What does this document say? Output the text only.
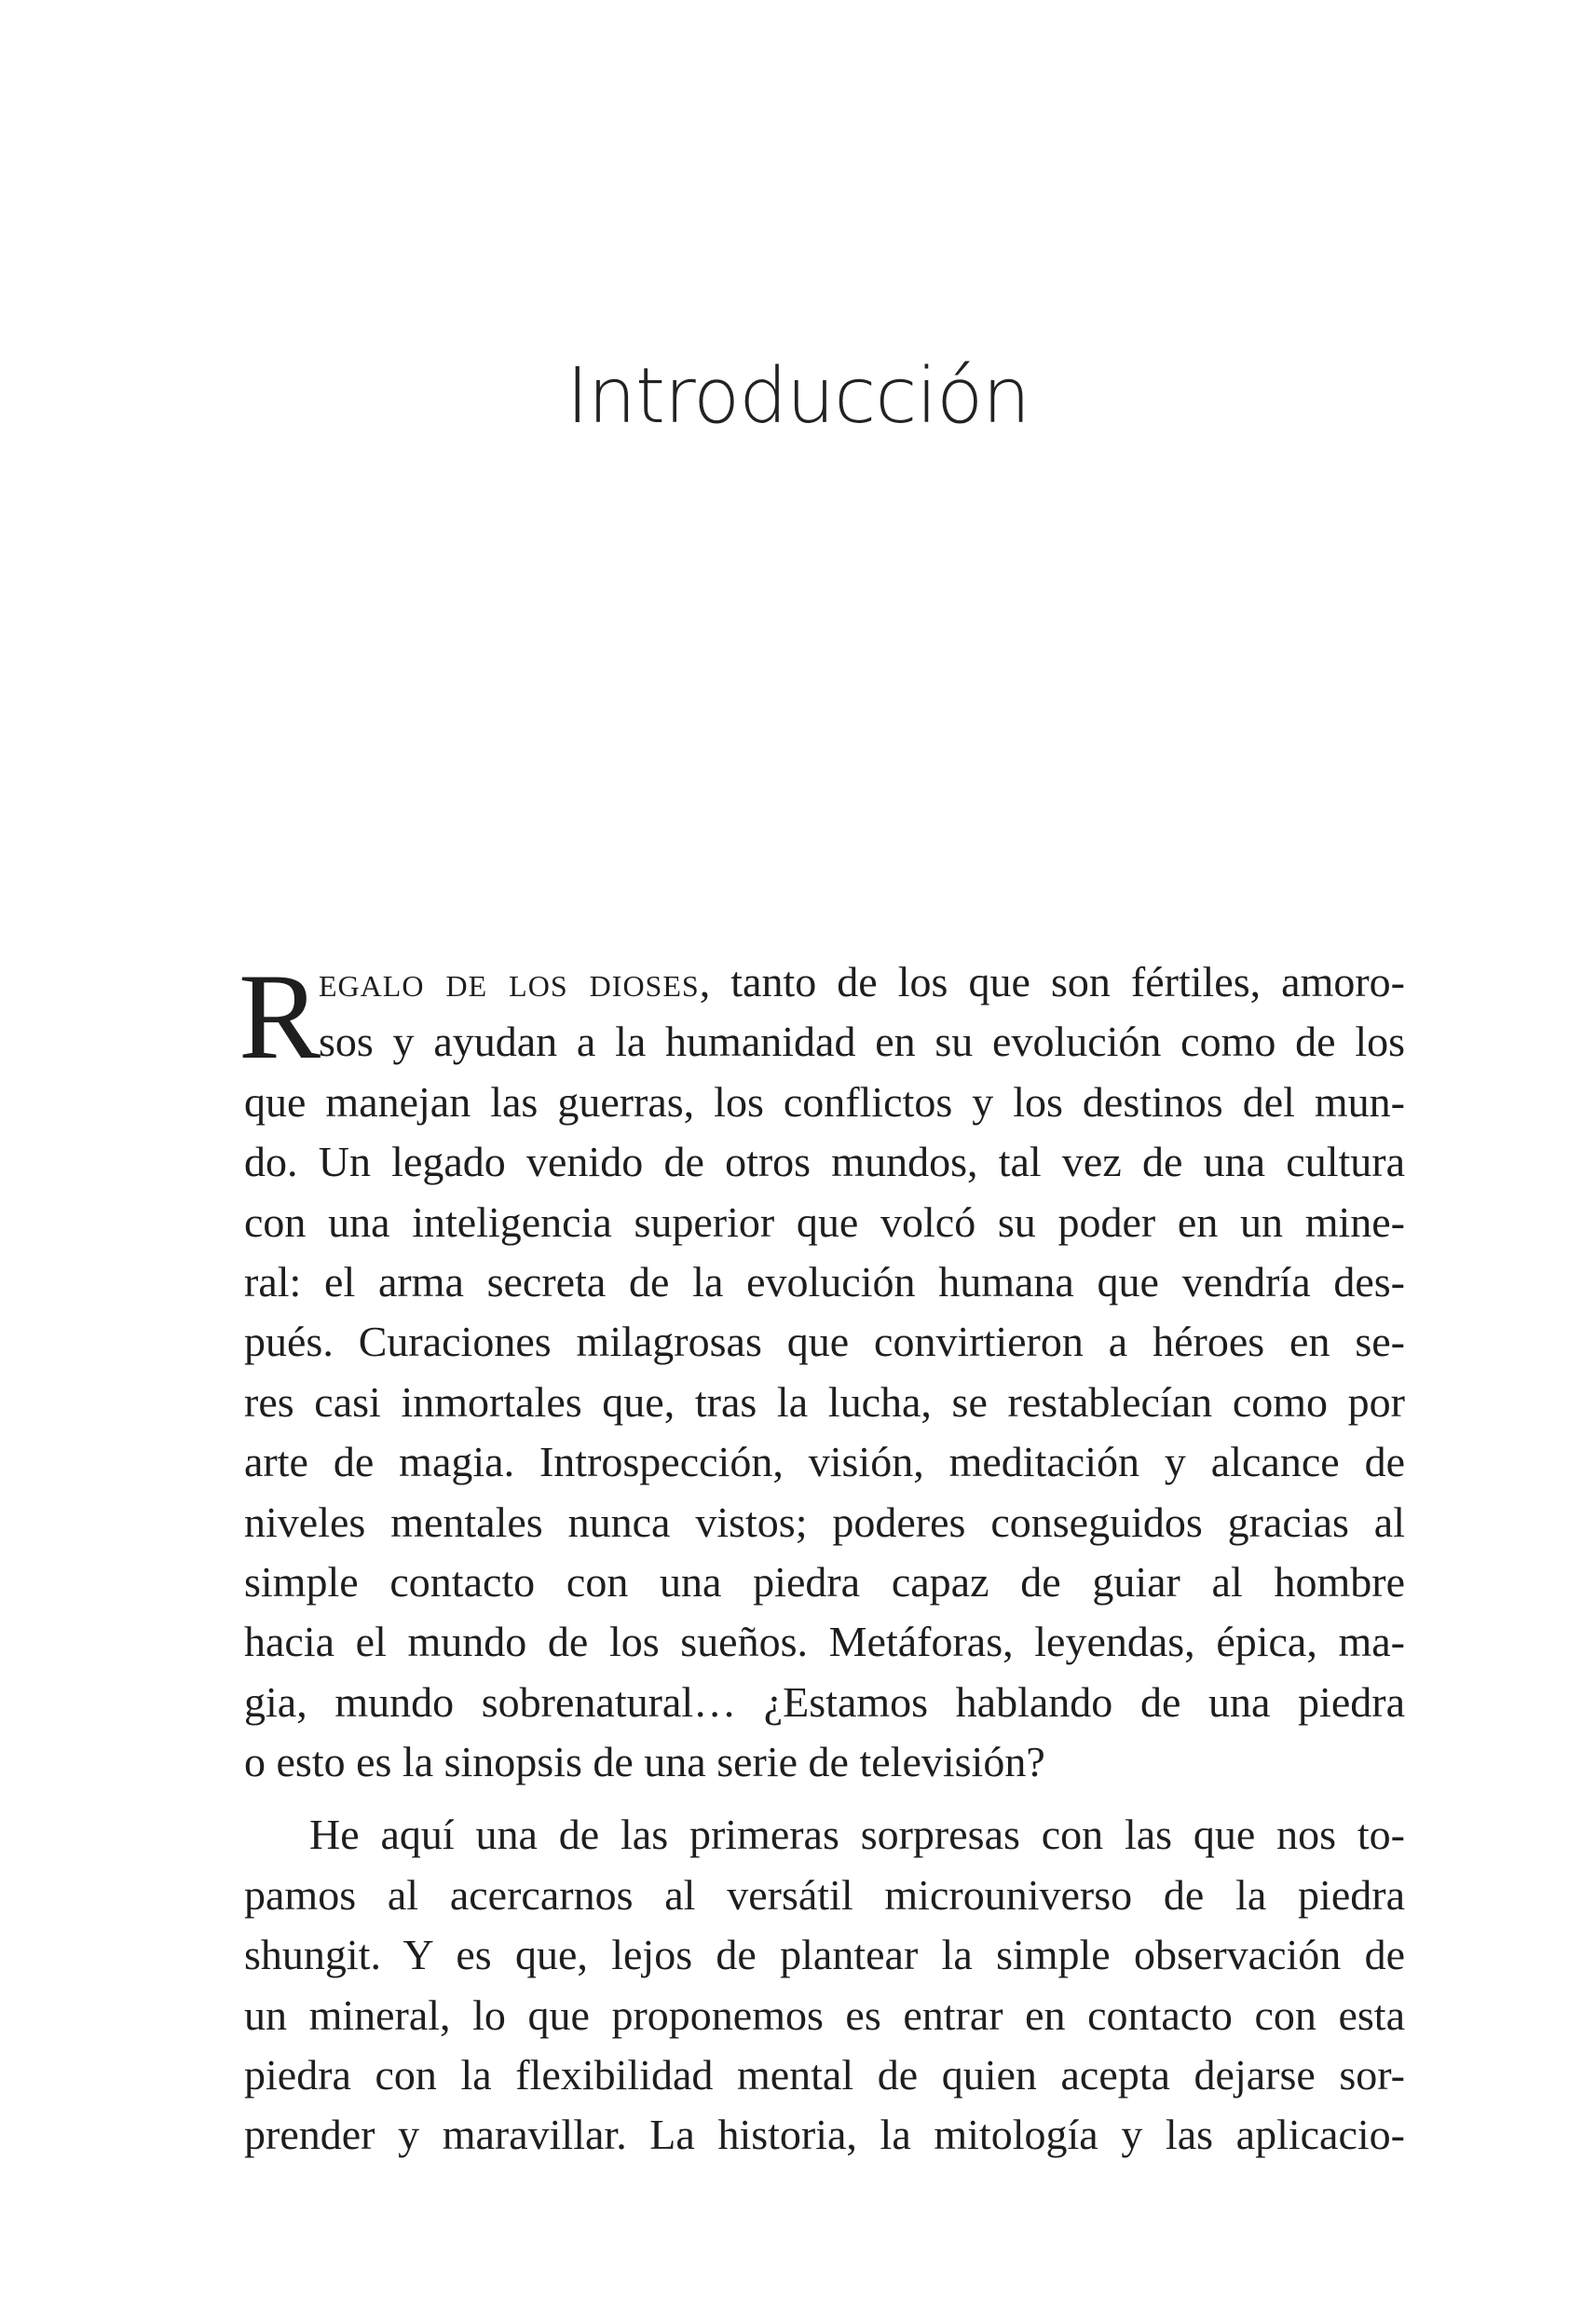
Introducción
R
egalo de los dioses, tanto de los que son fértiles, amoro-
sos y ayudan a la humanidad en su evolución como de los
que manejan las guerras, los conflictos y los destinos del mun-
do. Un legado venido de otros mundos, tal vez de una cultura
con una inteligencia superior que volcó su poder en un mine-
ral: el arma secreta de la evolución humana que vendría des-
pués. Curaciones milagrosas que convirtieron a héroes en se-
res casi inmortales que, tras la lucha, se restablecían como por
arte de magia. Introspección, visión, meditación y alcance de
niveles mentales nunca vistos; poderes conseguidos gracias al
simple contacto con una piedra capaz de guiar al hombre
hacia el mundo de los sueños. Metáforas, leyendas, épica, ma-
gia, mundo sobrenatural… ¿Estamos hablando de una piedra
o esto es la sinopsis de una serie de televisión?
He aquí una de las primeras sorpresas con las que nos to-
pamos al acercarnos al versátil microuniverso de la piedra
shungit. Y es que, lejos de plantear la simple observación de
un mineral, lo que proponemos es entrar en contacto con esta
piedra con la flexibilidad mental de quien acepta dejarse sor-
prender y maravillar. La historia, la mitología y las aplicacio-
